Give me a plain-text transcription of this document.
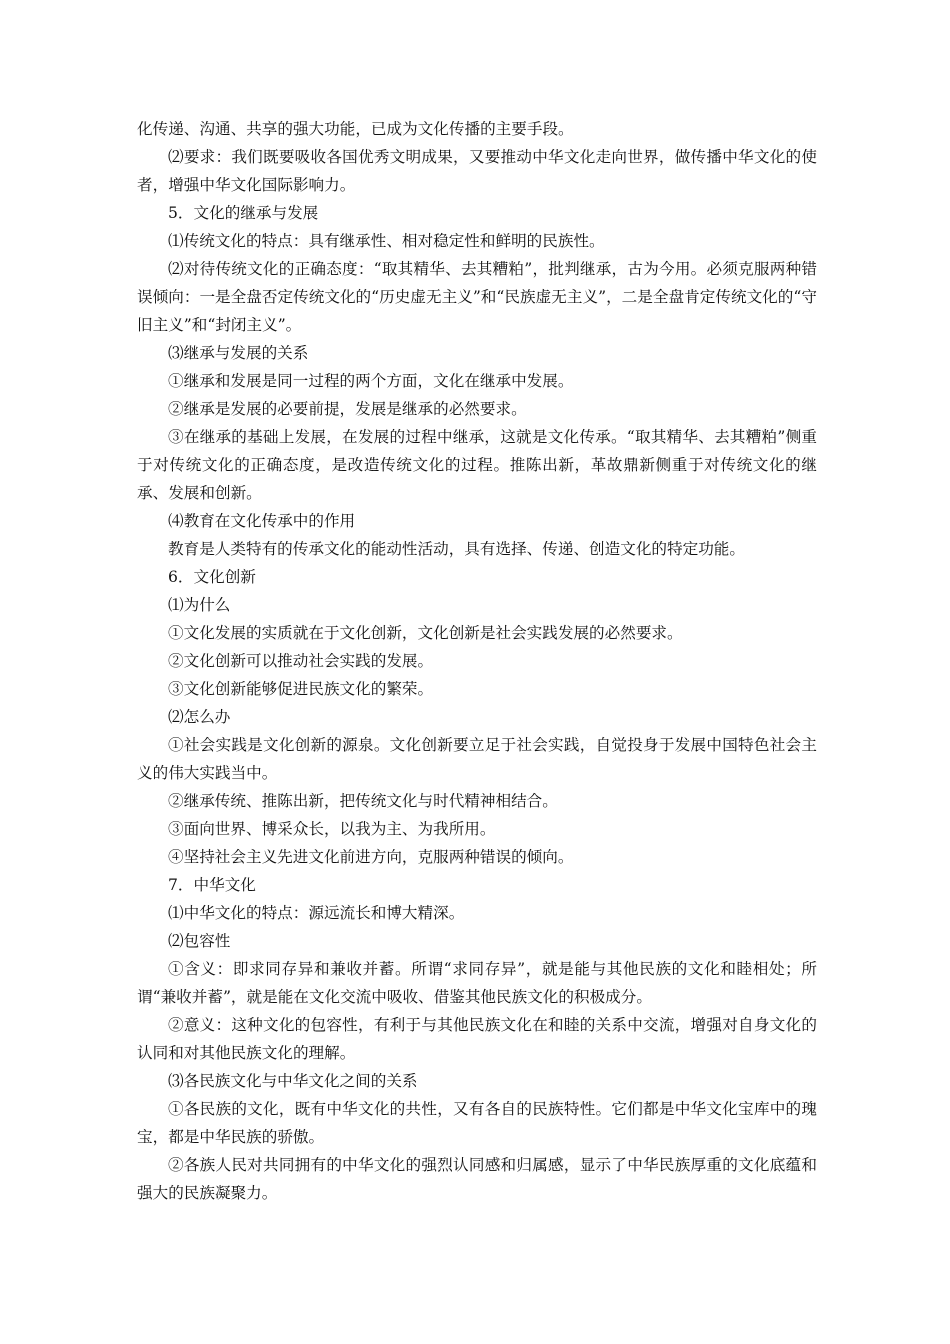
化传递、沟通、共享的强大功能，已成为文化传播的主要手段。

⑵要求：我们既要吸收各国优秀文明成果，又要推动中华文化走向世界，做传播中华文化的使者，增强中华文化国际影响力。

5．文化的继承与发展

⑴传统文化的特点：具有继承性、相对稳定性和鲜明的民族性。

⑵对待传统文化的正确态度：“取其精华、去其糟粕”，批判继承，古为今用。必须克服两种错误倾向：一是全盘否定传统文化的“历史虚无主义”和“民族虚无主义”，二是全盘肯定传统文化的“守旧主义”和“封闭主义”。

⑶继承与发展的关系

①继承和发展是同一过程的两个方面，文化在继承中发展。

②继承是发展的必要前提，发展是继承的必然要求。

③在继承的基础上发展，在发展的过程中继承，这就是文化传承。“取其精华、去其糟粕”侧重于对传统文化的正确态度，是改造传统文化的过程。推陈出新，革故鼎新侧重于对传统文化的继承、发展和创新。

⑷教育在文化传承中的作用

教育是人类特有的传承文化的能动性活动，具有选择、传递、创造文化的特定功能。

6．文化创新

⑴为什么

①文化发展的实质就在于文化创新，文化创新是社会实践发展的必然要求。

②文化创新可以推动社会实践的发展。

③文化创新能够促进民族文化的繁荣。

⑵怎么办

①社会实践是文化创新的源泉。文化创新要立足于社会实践，自觉投身于发展中国特色社会主义的伟大实践当中。

②继承传统、推陈出新，把传统文化与时代精神相结合。

③面向世界、博采众长，以我为主、为我所用。

④坚持社会主义先进文化前进方向，克服两种错误的倾向。

7．中华文化

⑴中华文化的特点：源远流长和博大精深。

⑵包容性

①含义：即求同存异和兼收并蓄。所谓“求同存异”，就是能与其他民族的文化和睦相处；所谓“兼收并蓄”，就是能在文化交流中吸收、借鉴其他民族文化的积极成分。

②意义：这种文化的包容性，有利于与其他民族文化在和睦的关系中交流，增强对自身文化的认同和对其他民族文化的理解。

⑶各民族文化与中华文化之间的关系

①各民族的文化，既有中华文化的共性，又有各自的民族特性。它们都是中华文化宝库中的瑰宝，都是中华民族的骄傲。

②各族人民对共同拥有的中华文化的强烈认同感和归属感，显示了中华民族厚重的文化底蕴和强大的民族凝聚力。
